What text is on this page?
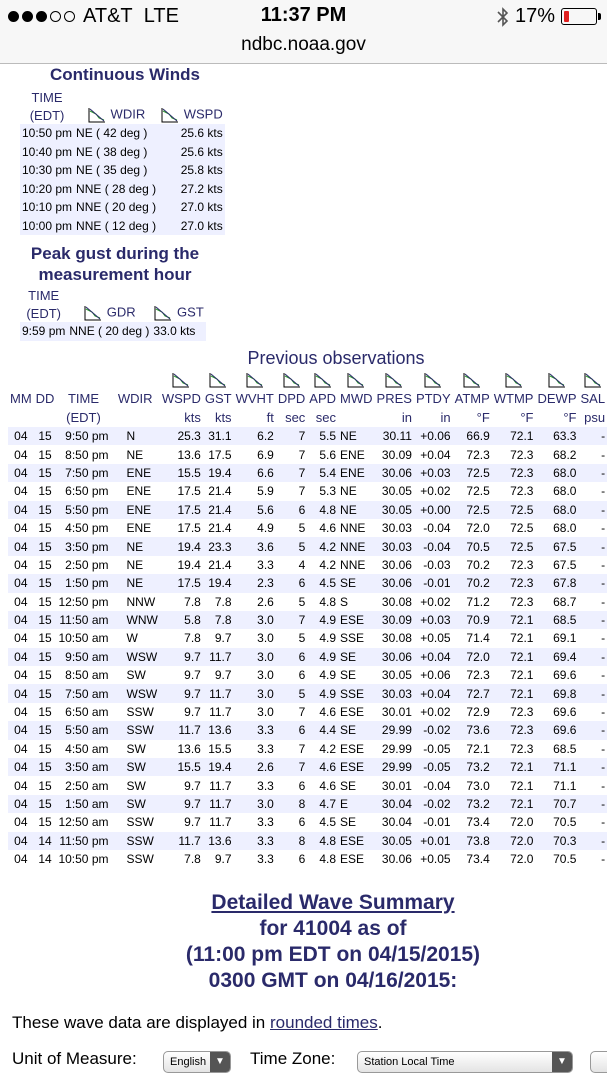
AT&T
LTE	11:37 PM	17%
ndbc.noaa.gov
Continuous Winds
TIME	WDIR	WSPD
(EDT)		
10:50 pm	NE ( 42 deg )	25.6 kts
10:40 pm	NE ( 38 deg )	25.6 kts
10:30 pm	NE ( 35 deg )	25.8 kts
10:20 pm	NNE ( 28 deg )	27.2 kts
10:10 pm	NNE ( 20 deg )	27.0 kts
10:00 pm	NNE ( 12 deg )	27.0 kts
Peak gust during the
measurement hour
TIME	GDR	GST
(EDT)		
9:59 pm	NNE ( 20 deg )	33.0 kts
Previous observations

MM	DD	TIME	WDIR	WSPD	GST	WVHT	DPD	APD	MWD	PRES	PTDY	ATMP	WTMP	DEWP	SAL
		(EDT)		kts	kts	ft	sec	sec		in	in	°F	°F	°F	psu
04	15	9:50 pm	N	25.3	31.1	6.2	7	5.5	NE	30.11	+0.06	66.9	72.1	63.3	-
04	15	8:50 pm	NE	13.6	17.5	6.9	7	5.6	ENE	30.09	+0.04	72.3	72.3	68.2	-
04	15	7:50 pm	ENE	15.5	19.4	6.6	7	5.4	ENE	30.06	+0.03	72.5	72.3	68.0	-
04	15	6:50 pm	ENE	17.5	21.4	5.9	7	5.3	NE	30.05	+0.02	72.5	72.3	68.0	-
04	15	5:50 pm	ENE	17.5	21.4	5.6	6	4.8	NE	30.05	+0.00	72.5	72.5	68.0	-
04	15	4:50 pm	ENE	17.5	21.4	4.9	5	4.6	NNE	30.03	-0.04	72.0	72.5	68.0	-
04	15	3:50 pm	NE	19.4	23.3	3.6	5	4.2	NNE	30.03	-0.04	70.5	72.5	67.5	-
04	15	2:50 pm	NE	19.4	21.4	3.3	4	4.2	NNE	30.06	-0.03	70.2	72.3	67.5	-
04	15	1:50 pm	NE	17.5	19.4	2.3	6	4.5	SE	30.06	-0.01	70.2	72.3	67.8	-
04	15	12:50 pm	NNW	7.8	7.8	2.6	5	4.8	S	30.08	+0.02	71.2	72.3	68.7	-
04	15	11:50 am	WNW	5.8	7.8	3.0	7	4.9	ESE	30.09	+0.03	70.9	72.1	68.5	-
04	15	10:50 am	W	7.8	9.7	3.0	5	4.9	SSE	30.08	+0.05	71.4	72.1	69.1	-
04	15	9:50 am	WSW	9.7	11.7	3.0	6	4.9	SE	30.06	+0.04	72.0	72.1	69.4	-
04	15	8:50 am	SW	9.7	9.7	3.0	6	4.9	SE	30.05	+0.06	72.3	72.1	69.6	-
04	15	7:50 am	WSW	9.7	11.7	3.0	5	4.9	SSE	30.03	+0.04	72.7	72.1	69.8	-
04	15	6:50 am	SSW	9.7	11.7	3.0	7	4.6	ESE	30.01	+0.02	72.9	72.3	69.6	-
04	15	5:50 am	SSW	11.7	13.6	3.3	6	4.4	SE	29.99	-0.02	73.6	72.3	69.6	-
04	15	4:50 am	SW	13.6	15.5	3.3	7	4.2	ESE	29.99	-0.05	72.1	72.3	68.5	-
04	15	3:50 am	SW	15.5	19.4	2.6	7	4.6	ESE	29.99	-0.05	73.2	72.1	71.1	-
04	15	2:50 am	SW	9.7	11.7	3.3	6	4.6	SE	30.01	-0.04	73.0	72.1	71.1	-
04	15	1:50 am	SW	9.7	11.7	3.0	8	4.7	E	30.04	-0.02	73.2	72.1	70.7	-
04	15	12:50 am	SSW	9.7	11.7	3.3	6	4.5	SE	30.04	-0.01	73.4	72.0	70.5	-
04	14	11:50 pm	SSW	11.7	13.6	3.3	8	4.8	ESE	30.05	+0.01	73.8	72.0	70.3	-
04	14	10:50 pm	SSW	7.8	9.7	3.3	6	4.8	ESE	30.06	+0.05	73.4	72.0	70.5	-
Detailed Wave Summary
for 41004 as of
(11:00 pm EDT on 04/15/2015)
0300 GMT on 04/16/2015:
These wave data are displayed in rounded times.
Unit of Measure:	English ▼ Time Zone:	Station Local Time	▼
